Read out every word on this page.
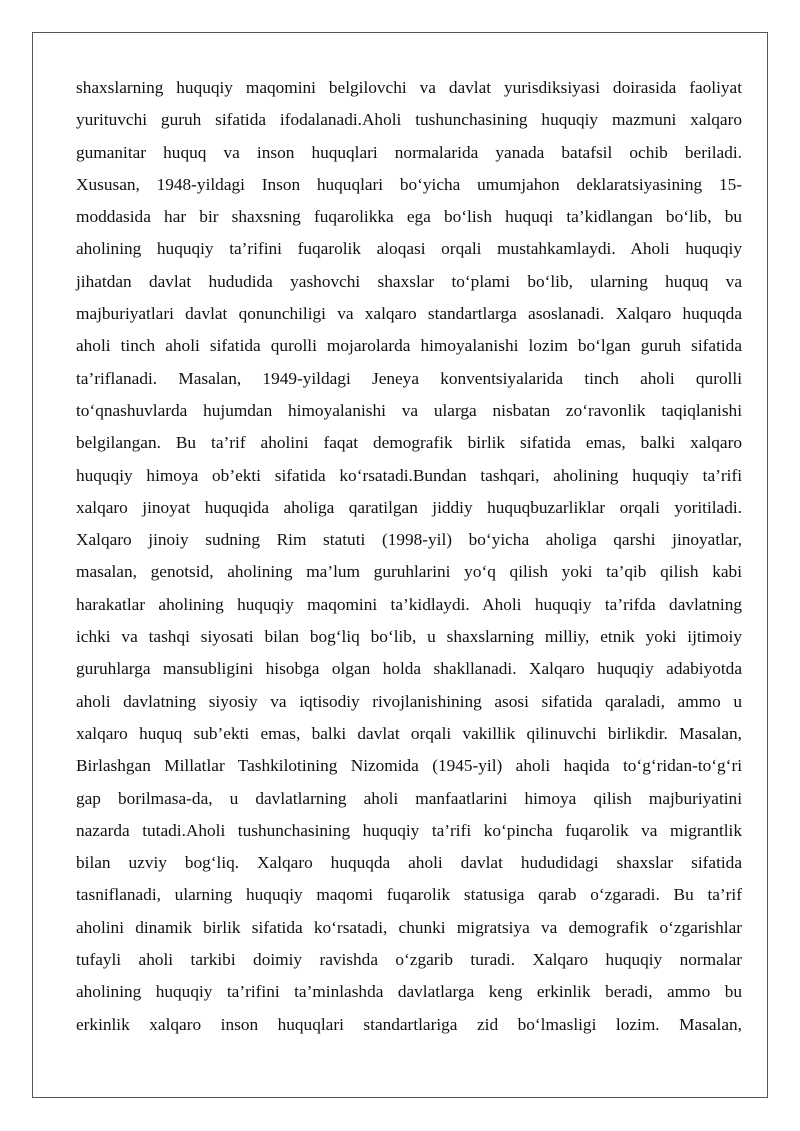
shaxslarning huquqiy maqomini belgilovchi va davlat yurisdiksiyasi doirasida faoliyat
yurituvchi guruh sifatida ifodalanadi.Aholi tushunchasining huquqiy mazmuni xalqaro
gumanitar huquq va inson huquqlari normalarida yanada batafsil ochib beriladi.
Xususan, 1948-yildagi Inson huquqlari bo‘yicha umumjahon deklaratsiyasining 15-
moddasida har bir shaxsning fuqarolikka ega bo‘lish huquqi ta’kidlangan bo‘lib, bu
aholining huquqiy ta’rifini fuqarolik aloqasi orqali mustahkamlaydi. Aholi huquqiy
jihatdan davlat hududida yashovchi shaxslar to‘plami bo‘lib, ularning huquq va
majburiyatlari davlat qonunchiligi va xalqaro standartlarga asoslanadi. Xalqaro huquqda
aholi tinch aholi sifatida qurolli mojarolarda himoyalanishi lozim bo‘lgan guruh sifatida
ta’riflanadi. Masalan, 1949-yildagi Jeneya konventsiyalarida tinch aholi qurolli
to‘qnashuvlarda hujumdan himoyalanishi va ularga nisbatan zo‘ravonlik taqiqlanishi
belgilangan. Bu ta’rif aholini faqat demografik birlik sifatida emas, balki xalqaro
huquqiy himoya ob’ekti sifatida ko‘rsatadi.Bundan tashqari, aholining huquqiy ta’rifi
xalqaro jinoyat huquqida aholiga qaratilgan jiddiy huquqbuzarliklar orqali yoritiladi.
Xalqaro jinoiy sudning Rim statuti (1998-yil) bo‘yicha aholiga qarshi jinoyatlar,
masalan, genotsid, aholining ma’lum guruhlarini yo‘q qilish yoki ta’qib qilish kabi
harakatlar aholining huquqiy maqomini ta’kidlaydi. Aholi huquqiy ta’rifda davlatning
ichki va tashqi siyosati bilan bog‘liq bo‘lib, u shaxslarning milliy, etnik yoki ijtimoiy
guruhlarga mansubligini hisobga olgan holda shakllanadi. Xalqaro huquqiy adabiyotda
aholi davlatning siyosiy va iqtisodiy rivojlanishining asosi sifatida qaraladi, ammo u
xalqaro huquq sub’ekti emas, balki davlat orqali vakillik qilinuvchi birlikdir. Masalan,
Birlashgan Millatlar Tashkilotining Nizomida (1945-yil) aholi haqida to‘g‘ridan-to‘g‘ri
gap borilmasa-da, u davlatlarning aholi manfaatlarini himoya qilish majburiyatini
nazarda tutadi.Aholi tushunchasining huquqiy ta’rifi ko‘pincha fuqarolik va migrantlik
bilan uzviy bog‘liq. Xalqaro huquqda aholi davlat hududidagi shaxslar sifatida
tasniflanadi, ularning huquqiy maqomi fuqarolik statusiga qarab o‘zgaradi. Bu ta’rif
aholini dinamik birlik sifatida ko‘rsatadi, chunki migratsiya va demografik o‘zgarishlar
tufayli aholi tarkibi doimiy ravishda o‘zgarib turadi. Xalqaro huquqiy normalar
aholining huquqiy ta’rifini ta’minlashda davlatlarga keng erkinlik beradi, ammo bu
erkinlik xalqaro inson huquqlari standartlariga zid bo‘lmasligi lozim. Masalan,
